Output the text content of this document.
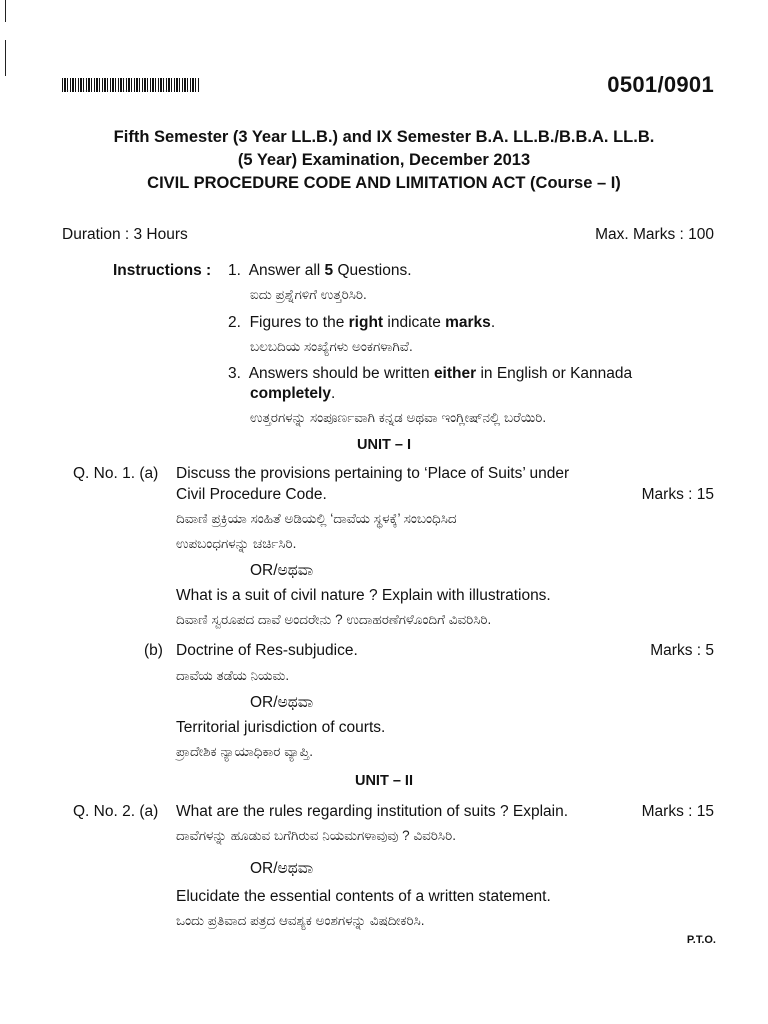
0501/0901
Fifth Semester (3 Year LL.B.) and IX Semester B.A. LL.B./B.B.A. LL.B.
(5 Year) Examination, December 2013
CIVIL PROCEDURE CODE AND LIMITATION ACT (Course – I)
Duration : 3 Hours	Max. Marks : 100
Instructions : 1. Answer all 5 Questions.
ಐದು ಪ್ರಶ್ನೆಗಳಿಗೆ ಉತ್ತರಿಸಿರಿ.
2. Figures to the right indicate marks.
ಬಲಬದಿಯ ಸಂಖ್ಯೆಗಳು ಅಂಕಗಳಾಗಿವೆ.
3. Answers should be written either in English or Kannada
completely.
ಉತ್ತರಗಳನ್ನು ಸಂಪೂರ್ಣವಾಗಿ ಕನ್ನಡ ಅಥವಾ ಇಂಗ್ಲೀಷ್‌ನಲ್ಲಿ ಬರೆಯಿರಿ.
UNIT – I
Q. No. 1. (a) Discuss the provisions pertaining to ‘Place of Suits’ under
Civil Procedure Code.	Marks : 15
ದಿವಾಣಿ ಪ್ರಕ್ರಿಯಾ ಸಂಹಿತೆ ಅಡಿಯಲ್ಲಿ ‘ದಾವೆಯ ಸ್ಥಳಕ್ಕೆ’ ಸಂಬಂಧಿಸಿದ
ಉಪಬಂಧಗಳನ್ನು ಚರ್ಚಿಸಿರಿ.
OR/ಅಥವಾ
What is a suit of civil nature ? Explain with illustrations.
ದಿವಾಣಿ ಸ್ವರೂಪದ ದಾವೆ ಅಂದರೇನು ? ಉದಾಹರಣೆಗಳೊಂದಿಗೆ ವಿವರಿಸಿರಿ.
(b) Doctrine of Res-subjudice.	Marks : 5
ದಾವೆಯ ತಡೆಯ ನಿಯಮ.
OR/ಅಥವಾ
Territorial jurisdiction of courts.
ಪ್ರಾದೇಶಿಕ ನ್ಯಾಯಾಧಿಕಾರ ವ್ಯಾಪ್ತಿ.
UNIT – II
Q. No. 2. (a) What are the rules regarding institution of suits ? Explain.	Marks : 15
ದಾವೆಗಳನ್ನು ಹೂಡುವ ಬಗೆಗಿರುವ ನಿಯಮಗಳಾವುವು ? ವಿವರಿಸಿರಿ.
OR/ಅಥವಾ
Elucidate the essential contents of a written statement.
ಒಂದು ಪ್ರತಿವಾದ ಪತ್ರದ ಆವಶ್ಯಕ ಅಂಶಗಳನ್ನು ವಿಷದೀಕರಿಸಿ.
P.T.O.
